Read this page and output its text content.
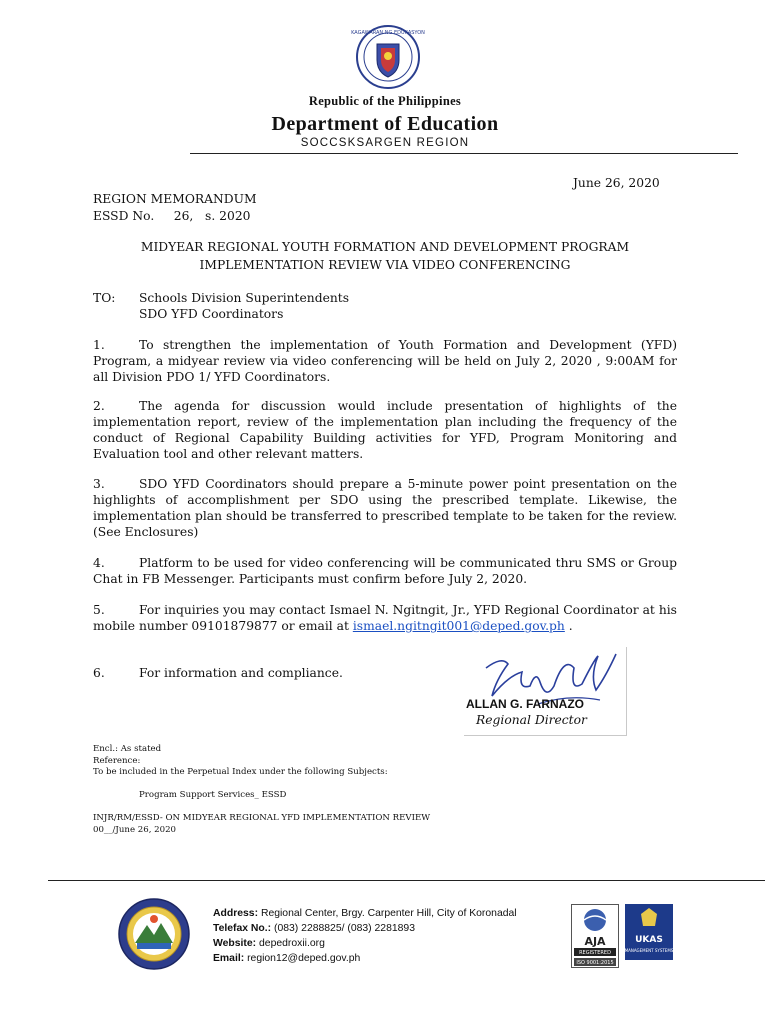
KAGAWARAN NG EDUKASYON
Republic of the Philippines
Department of Education
SOCCSKSARGEN REGION
June 26, 2020
REGION MEMORANDUM
ESSD No.     26,   s. 2020
MIDYEAR REGIONAL YOUTH FORMATION AND DEVELOPMENT PROGRAM
IMPLEMENTATION REVIEW VIA VIDEO CONFERENCING
TO: Schools Division Superintendents
SDO YFD Coordinators
1.	To strengthen the implementation of Youth Formation and Development (YFD) Program, a midyear review via video conferencing will be held on July 2, 2020 , 9:00AM for all Division PDO 1/ YFD Coordinators.
2.	The agenda for discussion would include presentation of highlights of the implementation report, review of the implementation plan including the frequency of the conduct of Regional Capability Building activities for YFD, Program Monitoring and Evaluation tool and other relevant matters.
3.	SDO YFD Coordinators should prepare a 5-minute power point presentation on the highlights of accomplishment per SDO using the prescribed template. Likewise, the implementation plan should be transferred to prescribed template to be taken for the review. (See Enclosures)
4.	Platform to be used for video conferencing will be communicated thru SMS or Group Chat in FB Messenger. Participants must confirm before July 2, 2020.
5.	For inquiries you may contact Ismael N. Ngitngit, Jr., YFD Regional Coordinator at his mobile number 09101879877 or email at ismael.ngitngit001@deped.gov.ph .
6.	For information and compliance.
ALLAN G. FARNAZO
Regional Director
Encl.: As stated
Reference:
To be included in the Perpetual Index under the following Subjects:
Program Support Services_ ESSD
INJR/RM/ESSD- ON MIDYEAR REGIONAL YFD IMPLEMENTATION REVIEW
00__/June 26, 2020
Address: Regional Center, Brgy. Carpenter Hill, City of Koronadal
Telefax No.: (083) 2288825/ (083) 2281893
Website: depedroxii.org
Email: region12@deped.gov.ph
AJA
REGISTERED
ISO 9001:2015
UKAS
MANAGEMENT SYSTEMS
